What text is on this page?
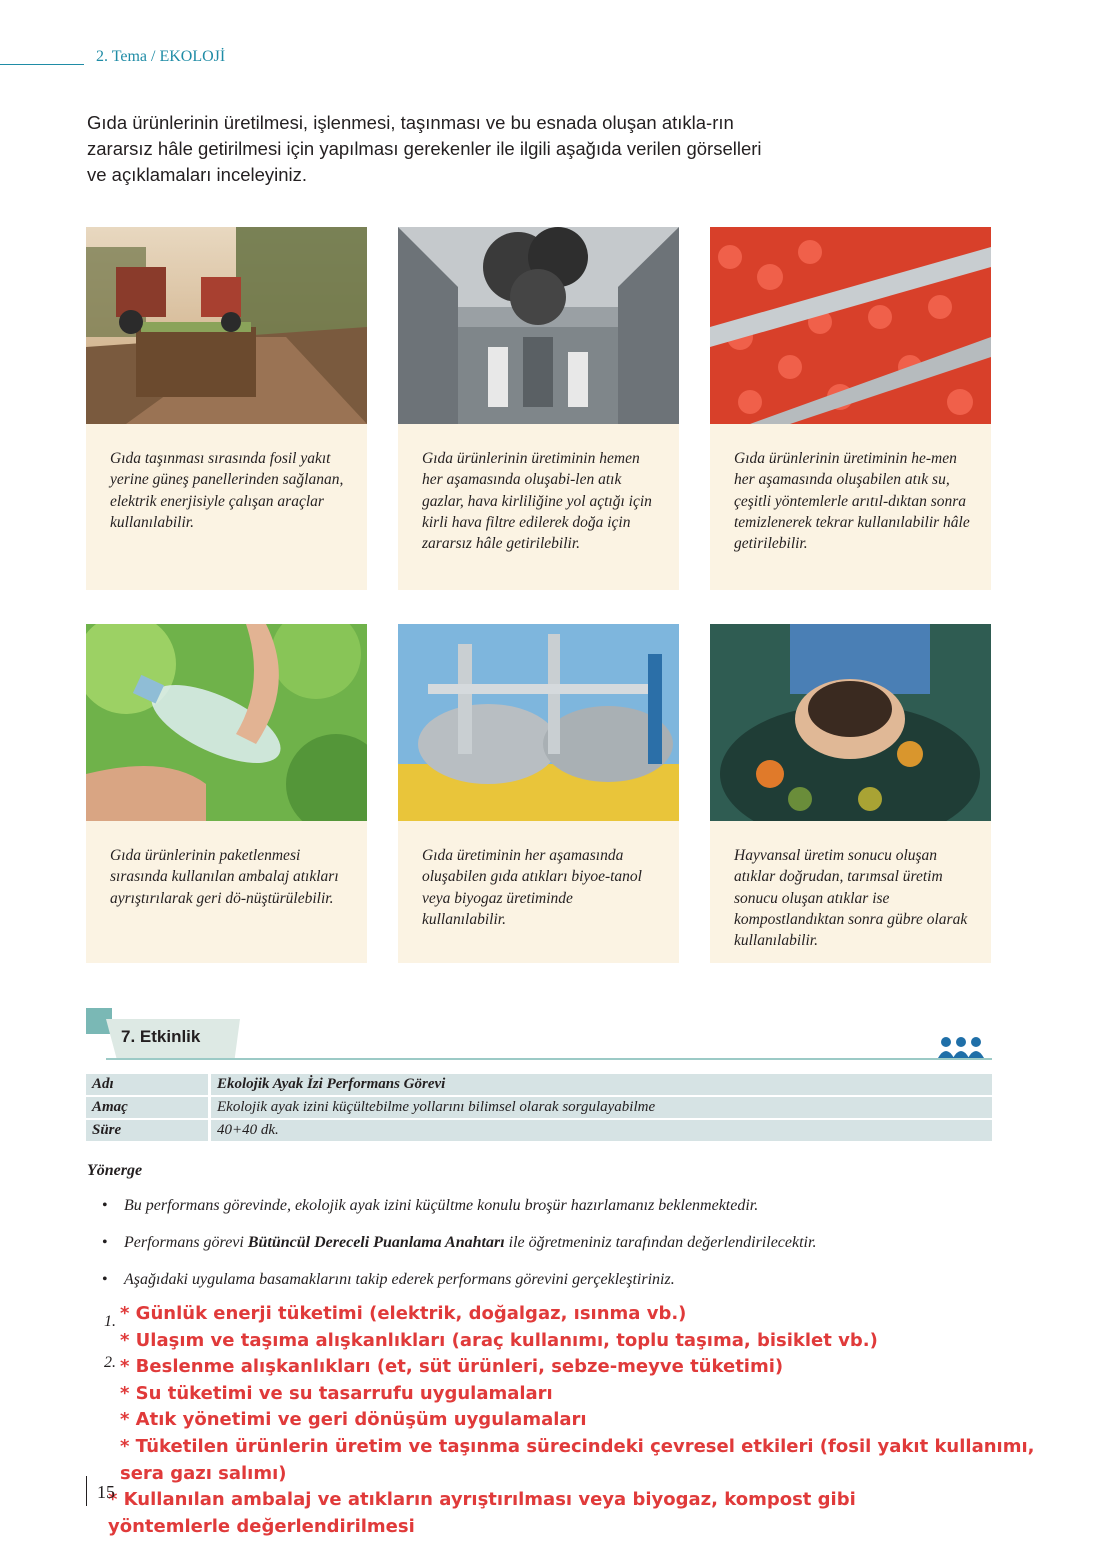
2. Tema / EKOLOJİ
Gıda ürünlerinin üretilmesi, işlenmesi, taşınması ve bu esnada oluşan atıkla-rın zararsız hâle getirilmesi için yapılması gerekenler ile ilgili aşağıda verilen görselleri ve açıklamaları inceleyiniz.
Gıda taşınması sırasında fosil yakıt yerine güneş panellerinden sağlanan, elektrik enerjisiyle çalışan araçlar kullanılabilir.
Gıda ürünlerinin üretiminin hemen her aşamasında oluşabi-len atık gazlar, hava kirliliğine yol açtığı için kirli hava filtre edilerek doğa için zararsız hâle getirilebilir.
Gıda ürünlerinin üretiminin he-men her aşamasında oluşabilen atık su, çeşitli yöntemlerle arıtıl-dıktan sonra temizlenerek tekrar kullanılabilir hâle getirilebilir.
Gıda ürünlerinin paketlenmesi sırasında kullanılan ambalaj atıkları ayrıştırılarak geri dö-nüştürülebilir.
Gıda üretiminin her aşamasında oluşabilen gıda atıkları biyoe-tanol veya biyogaz üretiminde kullanılabilir.
Hayvansal üretim sonucu oluşan atıklar doğrudan, tarımsal üretim sonucu oluşan atıklar ise kompostlandıktan sonra gübre olarak kullanılabilir.
7. Etkinlik
Adı	Ekolojik Ayak İzi Performans Görevi
Amaç	Ekolojik ayak izini küçültebilme yollarını bilimsel olarak sorgulayabilme
Süre	40+40 dk.
Yönerge
• Bu performans görevinde, ekolojik ayak izini küçültme konulu broşür hazırlamanız beklenmektedir.
• Performans görevi Bütüncül Dereceli Puanlama Anahtarı ile öğretmeniniz tarafından değerlendirilecektir.
• Aşağıdaki uygulama basamaklarını takip ederek performans görevini gerçekleştiriniz.
1.
2.
* Günlük enerji tüketimi (elektrik, doğalgaz, ısınma vb.)
* Ulaşım ve taşıma alışkanlıkları (araç kullanımı, toplu taşıma, bisiklet vb.)
* Beslenme alışkanlıkları (et, süt ürünleri, sebze-meyve tüketimi)
* Su tüketimi ve su tasarrufu uygulamaları
* Atık yönetimi ve geri dönüşüm uygulamaları
* Tüketilen ürünlerin üretim ve taşınma sürecindeki çevresel etkileri (fosil yakıt kullanımı, sera gazı salımı)
* Kullanılan ambalaj ve atıkların ayrıştırılması veya biyogaz, kompost gibi yöntemlerle değerlendirilmesi
15
